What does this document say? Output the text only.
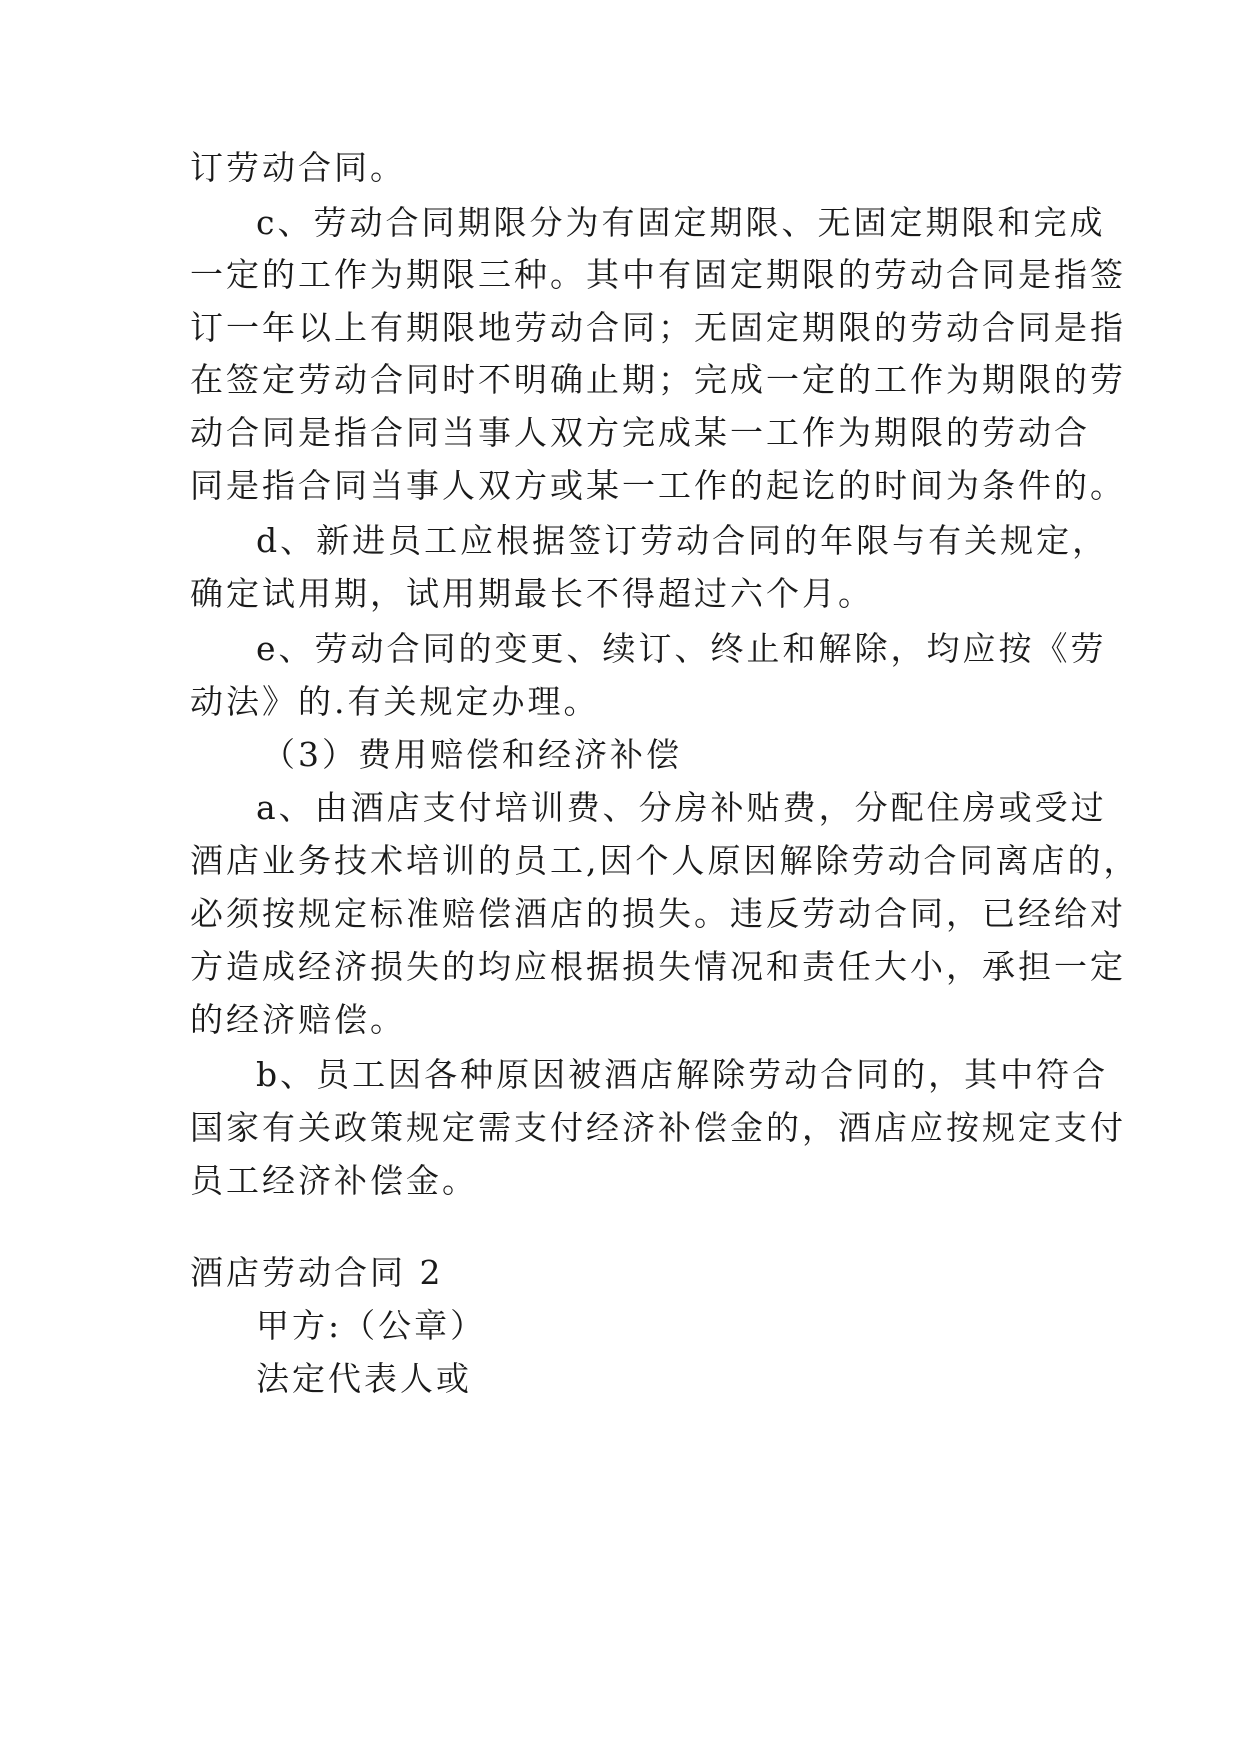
订劳动合同。
c、劳动合同期限分为有固定期限、无固定期限和完成
一定的工作为期限三种。其中有固定期限的劳动合同是指签
订一年以上有期限地劳动合同；无固定期限的劳动合同是指
在签定劳动合同时不明确止期；完成一定的工作为期限的劳
动合同是指合同当事人双方完成某一工作为期限的劳动合
同是指合同当事人双方或某一工作的起讫的时间为条件的。
d、新进员工应根据签订劳动合同的年限与有关规定，
确定试用期，试用期最长不得超过六个月。
e、劳动合同的变更、续订、终止和解除，均应按《劳
动法》的.有关规定办理。
（3）费用赔偿和经济补偿
a、由酒店支付培训费、分房补贴费，分配住房或受过
酒店业务技术培训的员工,因个人原因解除劳动合同离店的，
必须按规定标准赔偿酒店的损失。违反劳动合同，已经给对
方造成经济损失的均应根据损失情况和责任大小，承担一定
的经济赔偿。
b、员工因各种原因被酒店解除劳动合同的，其中符合
国家有关政策规定需支付经济补偿金的，酒店应按规定支付
员工经济补偿金。
酒店劳动合同 2
甲方:（公章）
法定代表人或
